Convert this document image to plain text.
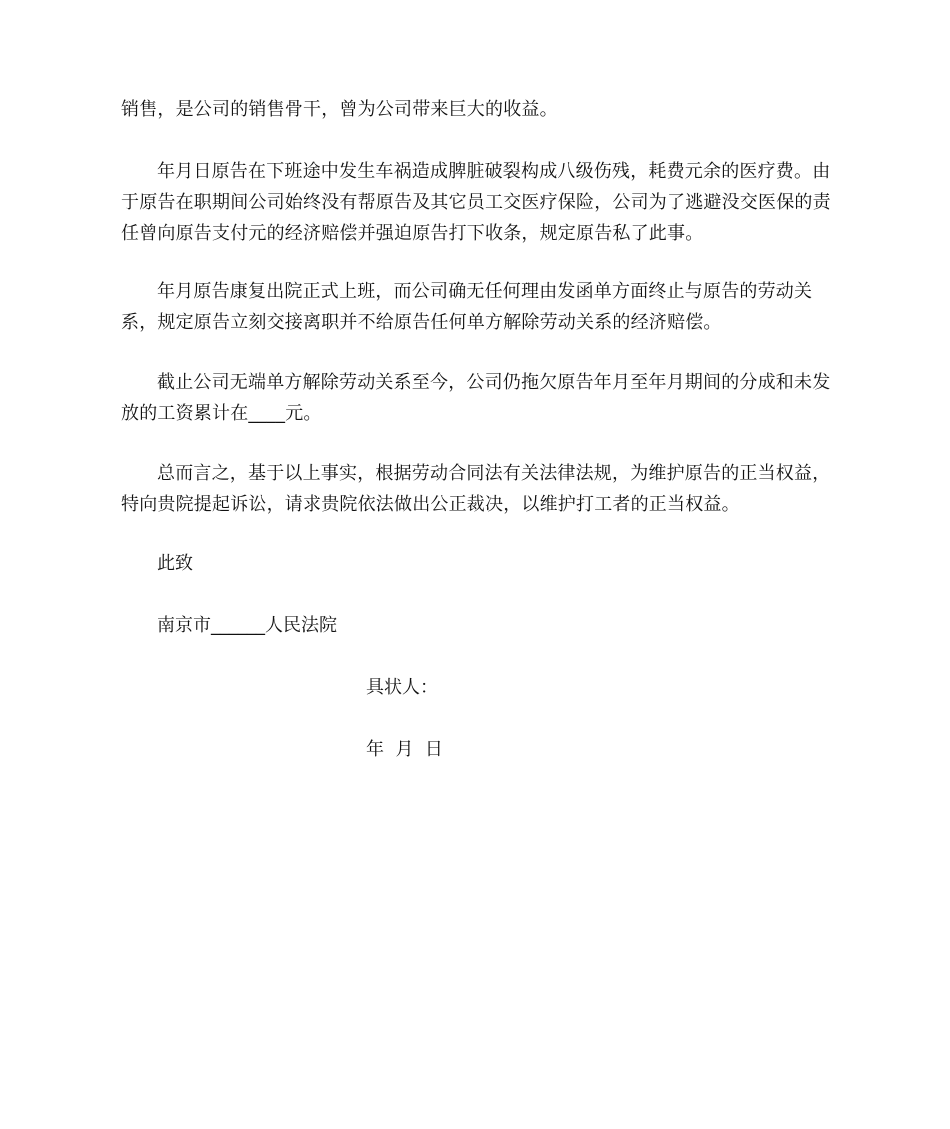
销售，是公司的销售骨干，曾为公司带来巨大的收益。

年月日原告在下班途中发生车祸造成脾脏破裂构成八级伤残，耗费元余的医疗费。由于原告在职期间公司始终没有帮原告及其它员工交医疗保险，公司为了逃避没交医保的责任曾向原告支付元的经济赔偿并强迫原告打下收条，规定原告私了此事。

年月原告康复出院正式上班，而公司确无任何理由发函单方面终止与原告的劳动关系，规定原告立刻交接离职并不给原告任何单方解除劳动关系的经济赔偿。

截止公司无端单方解除劳动关系至今，公司仍拖欠原告年月至年月期间的分成和未发放的工资累计在____元。

总而言之，基于以上事实，根据劳动合同法有关法律法规，为维护原告的正当权益，特向贵院提起诉讼，请求贵院依法做出公正裁决，以维护打工者的正当权益。

此致

南京市______人民法院

具状人：

年  月  日
